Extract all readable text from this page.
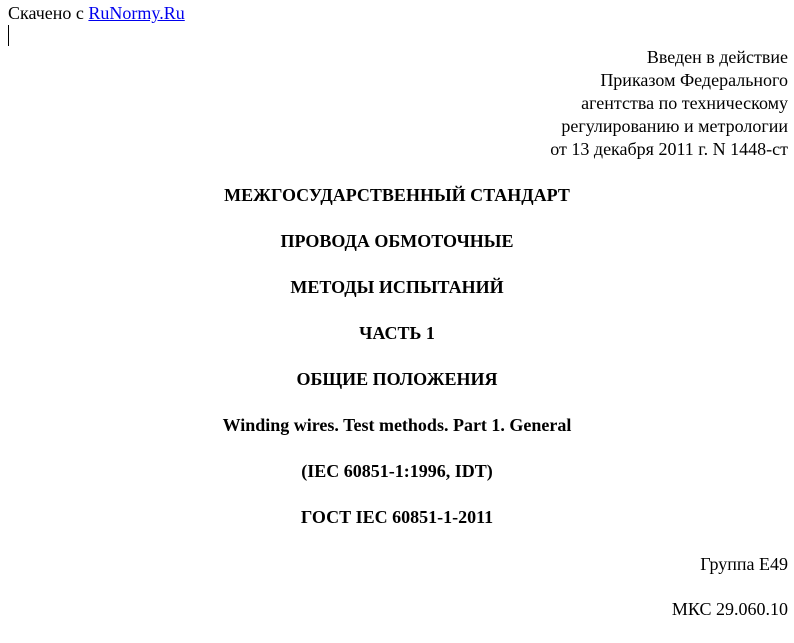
Скачено с RuNormy.Ru
Введен в действие
Приказом Федерального
агентства по техническому
регулированию и метрологии
от 13 декабря 2011 г. N 1448-ст
МЕЖГОСУДАРСТВЕННЫЙ СТАНДАРТ
ПРОВОДА ОБМОТОЧНЫЕ
МЕТОДЫ ИСПЫТАНИЙ
ЧАСТЬ 1
ОБЩИЕ ПОЛОЖЕНИЯ
Winding wires. Test methods. Part 1. General
(IEC 60851-1:1996, IDT)
ГОСТ IEC 60851-1-2011
Группа Е49
МКС 29.060.10
